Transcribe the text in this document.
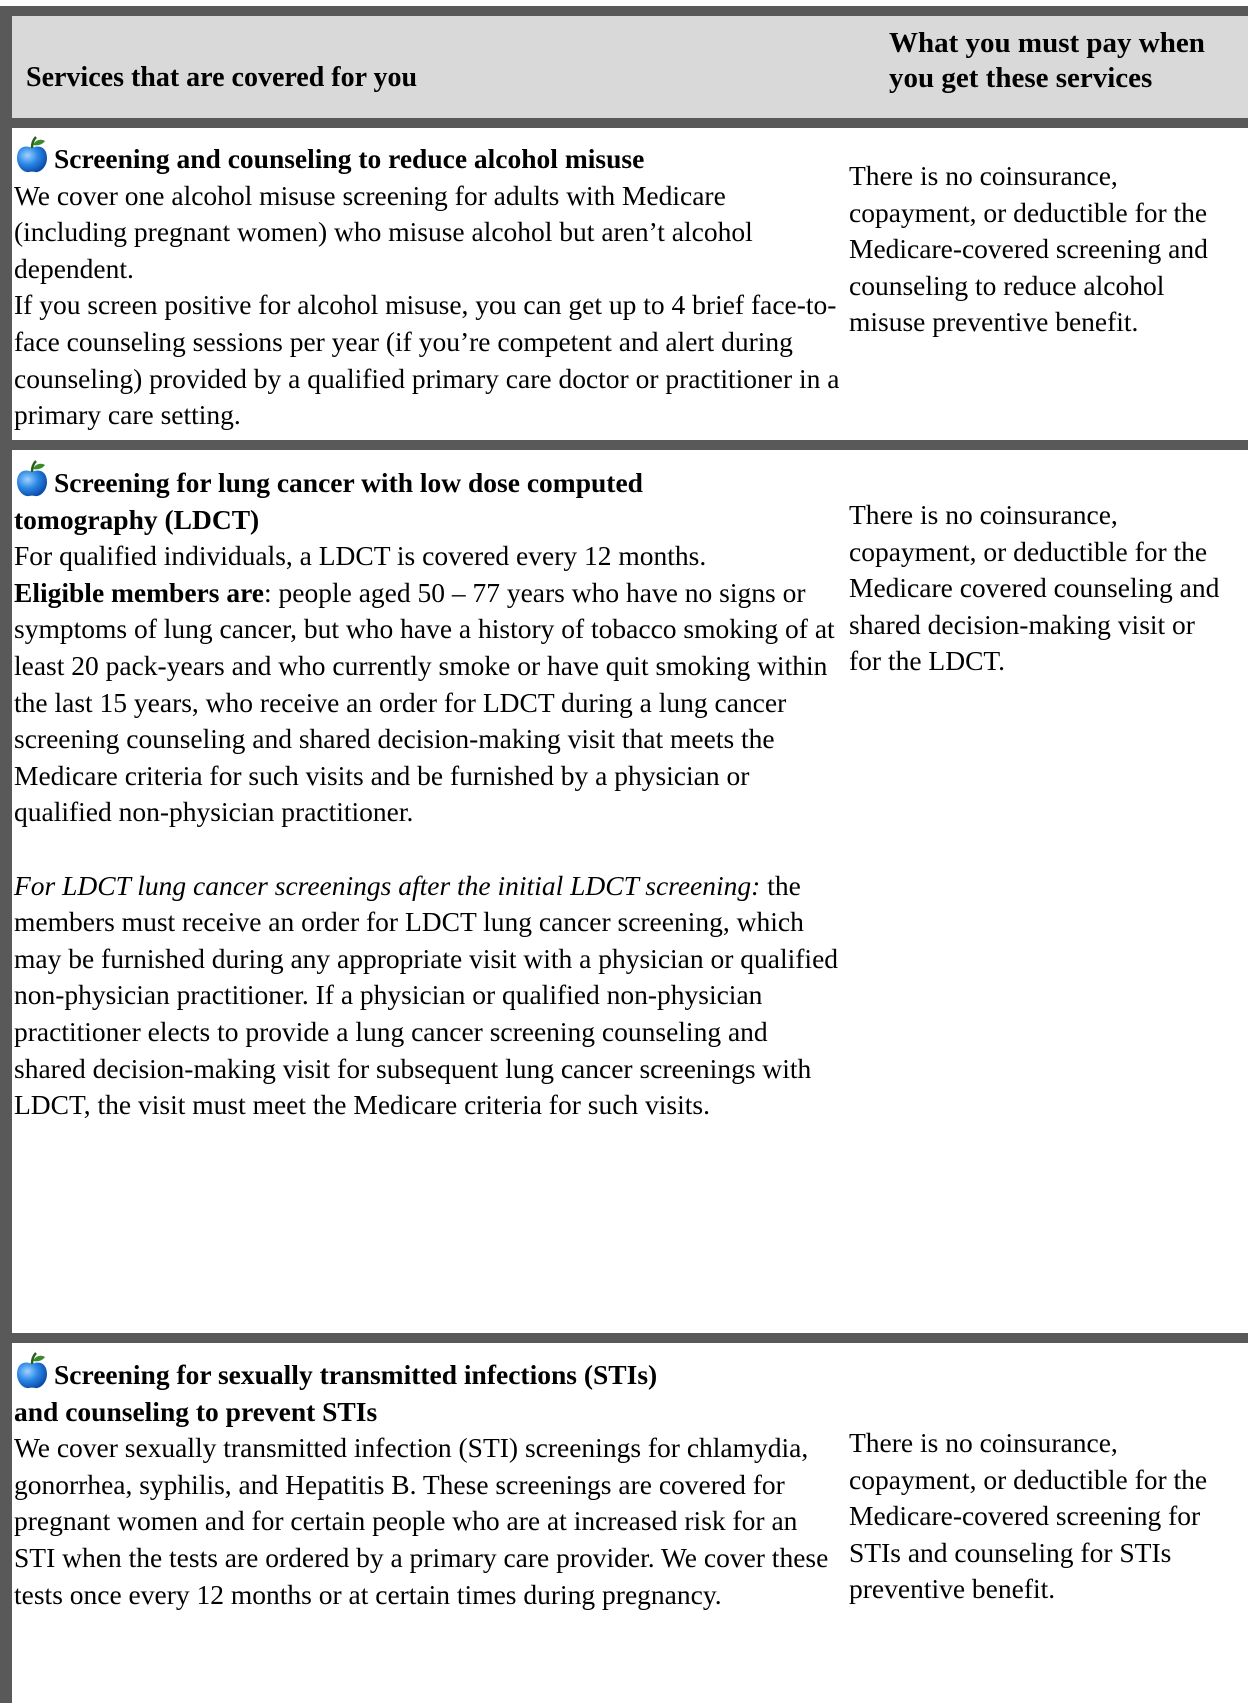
Services that are covered for you
What you must pay when
you get these services
Screening and counseling to reduce alcohol misuse

We cover one alcohol misuse screening for adults with Medicare (including pregnant women) who misuse alcohol but aren’t alcohol dependent.

If you screen positive for alcohol misuse, you can get up to 4 brief face-to-face counseling sessions per year (if you’re competent and alert during counseling) provided by a qualified primary care doctor or practitioner in a primary care setting.

There is no coinsurance, copayment, or deductible for the Medicare-covered screening and counseling to reduce alcohol misuse preventive benefit.
Screening for lung cancer with low dose computed
tomography (LDCT)

For qualified individuals, a LDCT is covered every 12 months.

Eligible members are: people aged 50 – 77 years who have no signs or symptoms of lung cancer, but who have a history of tobacco smoking of at least 20 pack-years and who currently smoke or have quit smoking within the last 15 years, who receive an order for LDCT during a lung cancer screening counseling and shared decision-making visit that meets the Medicare criteria for such visits and be furnished by a physician or qualified non-physician practitioner.

For LDCT lung cancer screenings after the initial LDCT screening: the members must receive an order for LDCT lung cancer screening, which may be furnished during any appropriate visit with a physician or qualified non-physician practitioner. If a physician or qualified non-physician practitioner elects to provide a lung cancer screening counseling and shared decision-making visit for subsequent lung cancer screenings with LDCT, the visit must meet the Medicare criteria for such visits.

There is no coinsurance, copayment, or deductible for the Medicare covered counseling and shared decision-making visit or for the LDCT.
Screening for sexually transmitted infections (STIs)
and counseling to prevent STIs

We cover sexually transmitted infection (STI) screenings for chlamydia, gonorrhea, syphilis, and Hepatitis B. These screenings are covered for pregnant women and for certain people who are at increased risk for an STI when the tests are ordered by a primary care provider. We cover these tests once every 12 months or at certain times during pregnancy.

There is no coinsurance, copayment, or deductible for the Medicare-covered screening for STIs and counseling for STIs preventive benefit.
